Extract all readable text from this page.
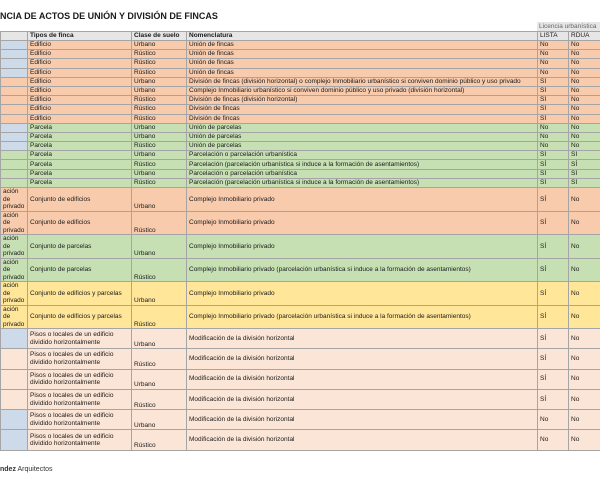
NCIA DE ACTOS DE UNIÓN Y DIVISIÓN DE FINCAS
Licencia urbanística
	Tipos de finca	Clase de suelo	Nomenclatura	LISTA	RDUA
	Edificio	Urbano	Unión de fincas	No	No
	Edificio	Rústico	Unión de fincas	No	No
	Edificio	Rústico	Unión de fincas	No	No
	Edificio	Rústico	Unión de fincas	No	No
	Edificio	Urbano	División de fincas (división horizontal) o complejo Inmobiliario urbanístico si conviven dominio público y uso privado	SÍ	No
	Edificio	Urbano	Complejo Inmobiliario urbanístico si conviven dominio público y uso privado (división horizontal)	SÍ	No
	Edificio	Rústico	División de fincas (división horizontal)	SÍ	No
	Edificio	Rústico	División de fincas	SÍ	No
	Edificio	Rústico	División de fincas	SÍ	No
	Parcela	Urbano	Unión de parcelas	No	No
	Parcela	Urbano	Unión de parcelas	No	No
	Parcela	Rústico	Unión de parcelas	No	No
	Parcela	Urbano	Parcelación o parcelación urbanística	SÍ	SÍ
	Parcela	Rústico	Parcelación (parcelación urbanística si induce a la formación de asentamientos)	SÍ	SÍ
	Parcela	Urbano	Parcelación o parcelación urbanística	SÍ	SÍ
	Parcela	Rústico	Parcelación (parcelación urbanística si induce a la formación de asentamientos)	SÍ	SÍ
ación de privado	Conjunto de edificios	Urbano	Complejo Inmobiliario privado	SÍ	No
ación de privado	Conjunto de edificios	Rústico	Complejo Inmobiliario privado	SÍ	No
ación de privado	Conjunto de parcelas	Urbano	Complejo Inmobiliario privado	SÍ	No
ación de privado	Conjunto de parcelas	Rústico	Complejo Inmobiliario privado (parcelación urbanística si induce a la formación de asentamientos)	SÍ	No
ación de privado	Conjunto de edificios y parcelas	Urbano	Complejo Inmobiliario privado	SÍ	No
ación de privado	Conjunto de edificios y parcelas	Rústico	Complejo Inmobiliario privado (parcelación urbanística si induce a la formación de asentamientos)	SÍ	No
	Pisos o locales de un edificio dividido horizontalmente	Urbano	Modificación de la división horizontal	SÍ	No
	Pisos o locales de un edificio dividido horizontalmente	Rústico	Modificación de la división horizontal	SÍ	No
	Pisos o locales de un edificio dividido horizontalmente	Urbano	Modificación de la división horizontal	SÍ	No
	Pisos o locales de un edificio dividido horizontalmente	Rústico	Modificación de la división horizontal	SÍ	No
	Pisos o locales de un edificio dividido horizontalmente	Urbano	Modificación de la división horizontal	No	No
	Pisos o locales de un edificio dividido horizontalmente	Rústico	Modificación de la división horizontal	No	No
ndez Arquitectos
